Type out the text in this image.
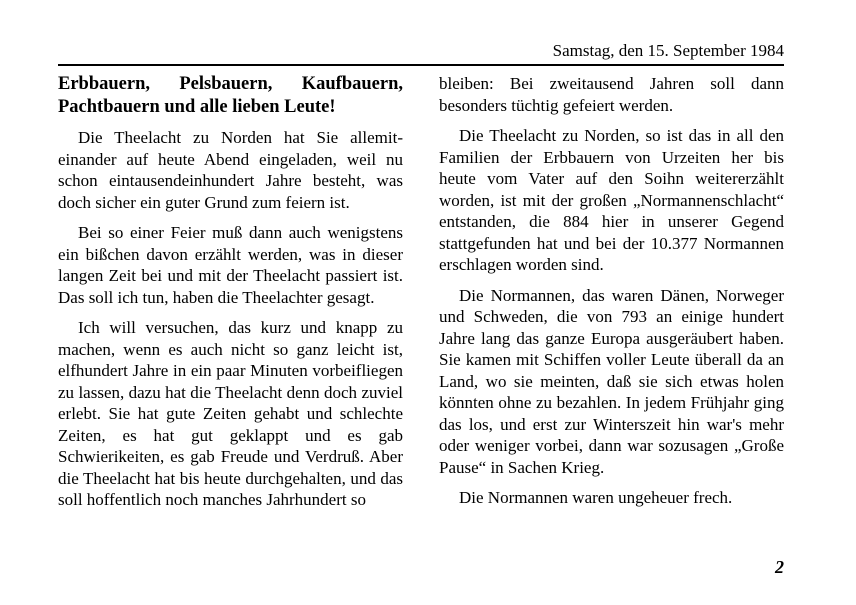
Samstag, den 15. September 1984
Erbbauern, Pelsbauern, Kaufbauern, Pachtbauern und alle lieben Leute!

Die Theelacht zu Norden hat Sie allemiteinander auf heute Abend eingeladen, weil nu schon eintausendeinhundert Jahre besteht, was doch sicher ein guter Grund zum feiern ist.

Bei so einer Feier muß dann auch wenigstens ein bißchen davon erzählt werden, was in dieser langen Zeit bei und mit der Theelacht passiert ist. Das soll ich tun, haben die Theelachter gesagt.

Ich will versuchen, das kurz und knapp zu machen, wenn es auch nicht so ganz leicht ist, elfhundert Jahre in ein paar Minuten vorbeifliegen zu lassen, dazu hat die Theelacht denn doch zuviel erlebt. Sie hat gute Zeiten gehabt und schlechte Zeiten, es hat gut geklappt und es gab Schwierikeiten, es gab Freude und Verdruß. Aber die Theelacht hat bis heute durchgehalten, und das soll hoffentlich noch manches Jahrhundert so

bleiben: Bei zweitausend Jahren soll dann besonders tüchtig gefeiert werden.

Die Theelacht zu Norden, so ist das in all den Familien der Erbbauern von Urzeiten her bis heute vom Vater auf den Soihn weitererzählt worden, ist mit der großen „Normannenschlacht“ entstanden, die 884 hier in unserer Gegend stattgefunden hat und bei der 10.377 Normannen erschlagen worden sind.

Die Normannen, das waren Dänen, Norweger und Schweden, die von 793 an einige hundert Jahre lang das ganze Europa ausgeräubert haben. Sie kamen mit Schiffen voller Leute überall da an Land, wo sie meinten, daß sie sich etwas holen könnten ohne zu bezahlen. In jedem Frühjahr ging das los, und erst zur Winterszeit hin war's mehr oder weniger vorbei, dann war sozusagen „Große Pause“ in Sachen Krieg.

Die Normannen waren ungeheuer frech.

2
